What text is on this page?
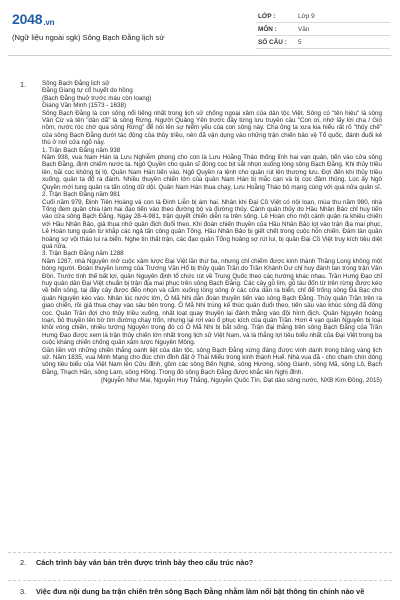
2048.vn
(Ngữ liệu ngoài sgk) Sông Bạch Đằng lịch sử
LỚP :	Lớp 9
MÔN :	Văn
SỐ CÂU :	5
1.	Sông Bạch Đằng lịch sử

Đằng Giang tự cổ huyết do hồng

(Bạch Đằng thuở trước máu còn loang)

Giang Văn Minh (1573 - 1638)

Sông Bạch Đằng là con sông nổi tiếng nhất trong lịch sử chống ngoại xâm của dân tộc Việt. Sông có "tên hiệu" là sông Vân Cừ và tên "dân dã" là sông Rừng. Người Quảng Yên trước đây từng lưu truyền câu "Con ơi, nhớ lấy lời cha / Gió nồm, nước róc chớ qua sông Rừng" để nói lên sự hiểm yếu của con sông này. Cha ông ta xưa kia hiểu rất rõ "thủy chế" của sông Bạch Đằng dưới tác động của thủy triều, nên đã vận dụng vào những trận chiến bảo vệ Tổ quốc, đánh đuổi kẻ thù ở nơi cửa ngõ này.

1. Trận Bạch Đằng năm 938

Năm 938, vua Nam Hán là Lưu Nghiễm phong cho con là Lưu Hoằng Tháo thống lĩnh hai vạn quân, tiến vào cửa sông Bạch Đằng, định chiếm nước ta. Ngô Quyền cho quân sĩ đóng cọc bịt sắt nhọn xuống lòng sông Bạch Đằng. Khi thủy triều lên, bãi cọc không bị lộ. Quân Nam Hán tiến vào. Ngô Quyền ra lệnh cho quân rút lên thượng lưu. Đợi đến khi thủy triều xuống, quân ta đổ ra đánh. Nhiều thuyền chiến lớn của quân Nam Hán bị mắc cạn và bị cọc đâm thủng. Lúc ấy Ngô Quyền mới tung quân ra tấn công dữ dội. Quân Nam Hán thua chạy, Lưu Hoằng Tháo bỏ mạng cùng với quá nửa quân sĩ.

2. Trận Bạch Đằng năm 981

Cuối năm 979, Đinh Tiên Hoàng và con là Đinh Liễn bị ám hại. Nhân khi Đại Cồ Việt có nội loạn, mùa thu năm 980, nhà Tống đem quân chia làm hai đạo tiến vào theo đường bộ và đường thủy. Cánh quân thủy do Hầu Nhân Bảo chỉ huy tiến vào cửa sông Bạch Đằng. Ngày 28-4-981, trận quyết chiến diễn ra trên sông. Lê Hoàn cho một cánh quân ra khiêu chiến với Hầu Nhân Bảo, giả thua nhử quân địch đuổi theo. Khi đoàn chiến thuyền của Hầu Nhân Bảo lọt vào trận địa mai phục, Lê Hoàn tung quân từ khắp các ngả tấn công quân Tống. Hầu Nhân Bảo bị giết chết trong cuộc hỗn chiến. Đám tàn quân hoảng sợ vội tháo lui ra biển. Nghe tin thất trận, các đạo quân Tống hoảng sợ rút lui, bị quân Đại Cồ Việt truy kích tiêu diệt quá nửa.

3. Trận Bạch Đằng năm 1288

Năm 1287, nhà Nguyên mở cuộc xâm lược Đại Việt lần thứ ba, nhưng chỉ chiếm được kinh thành Thăng Long không một bóng người. Đoàn thuyền lương của Trương Văn Hổ bị thủy quân Trần do Trần Khánh Dư chỉ huy đánh tan trong trận Vân Đồn. Trước tình thế bất lợi, quân Nguyên định tổ chức rút về Trung Quốc theo các hướng khác nhau. Trần Hưng Đạo chỉ huy quân dân Đại Việt chuẩn bị trận địa mai phục trên sông Bạch Đằng. Các cây gỗ lim, gỗ táu đốn từ trên rừng được kéo về bến sông, tại đây cây được đẽo nhọn và cắm xuống lòng sông ở các cửa dẫn ra biển, chỉ để trống sông Đá Bạc cho quân Nguyên kéo vào. Nhân lúc nước lớn, Ô Mã Nhi dẫn đoàn thuyền tiến vào sông Bạch Đằng. Thủy quân Trần trên ra giao chiến, rồi giả thua chạy vào sâu bên trong. Ô Mã Nhi trúng kế thúc quân đuổi theo, tiến sâu vào khúc sông đã đóng cọc. Quân Trần đợi cho thủy triều xuống, nhất loạt quay thuyền lại đánh thẳng vào đội hình địch. Quân Nguyên hoảng loạn, bỏ thuyền lên bờ tìm đường chạy trốn, nhưng lại rơi vào ổ phục kích của quân Trần. Hơn 4 vạn quân Nguyên bị loại khỏi vòng chiến, nhiều tướng Nguyên trong đó có Ô Mã Nhi bị bắt sống. Trận đại thắng trên sông Bạch Đằng của Trần Hưng Đạo được xem là trận thủy chiến lớn nhất trong lịch sử Việt Nam, và là thắng lợi tiêu biểu nhất của Đại Việt trong ba cuộc kháng chiến chống quân xâm lược Nguyên Mông.

Gần liền với những chiến thắng oanh liệt của dân tộc, sông Bạch Đằng xứng đáng được vinh danh trong bảng vàng lịch sử. Năm 1835, vua Minh Mạng cho đúc chín đỉnh đặt ở Thái Miếu trong kinh thành Huế. Nhà vua đã - cho chạm chín dòng sông tiêu biểu của Việt Nam lên Cửu đỉnh, gồm các sông Bến Nghé, sông Hương, sông Gianh, sông Mã, sông Lô, Bạch Đằng, Thạch Hãn, sông Lam, sông Hồng. Trong đó sông Bạch Đằng được khắc lên Nghị đỉnh.

(Nguyễn Như Mai, Nguyễn Huy Thắng, Nguyễn Quốc Tín, Dạt dào sông nước, NXB Kim Đồng, 2015)

2. Cách trình bày văn bản trên được trình bày theo cấu trúc nào?
3. Việc đưa nội dung ba trận chiến trên sông Bạch Đằng nhằm làm nổi bật thông tin chính nào về
